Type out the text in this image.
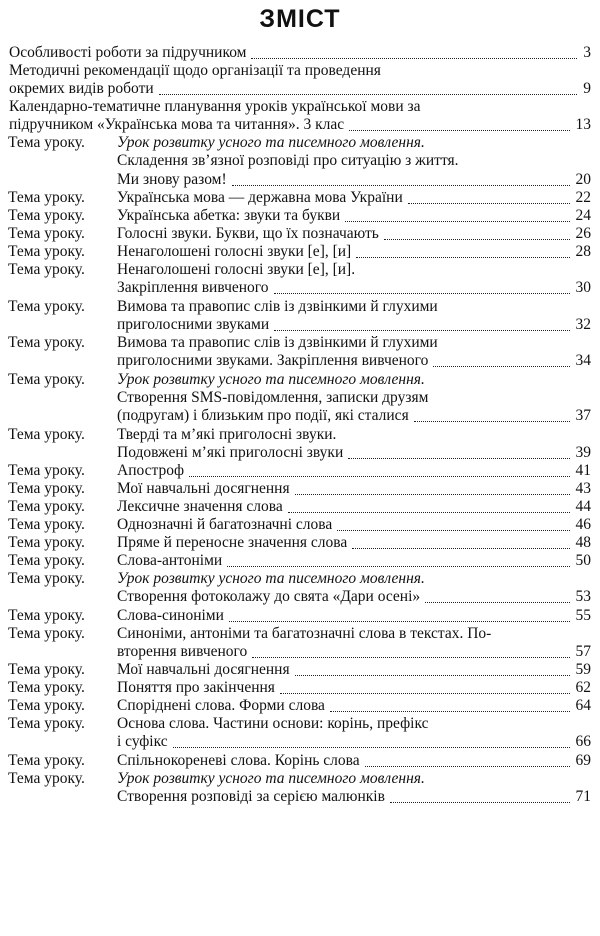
ЗМІСТ
Особливості роботи за підручником	3
Методичні рекомендації щодо організації та проведення
окремих видів роботи	9
Календарно-тематичне планування уроків української мови за
підручником «Українська мова та читання». 3 клас	13
Тема уроку. Урок розвитку усного та писемного мовлення.
Складення зв’язної розповіді про ситуацію з життя.
Ми знову разом!	20
Тема уроку. Українська мова — державна мова України	22
Тема уроку. Українська абетка: звуки та букви	24
Тема уроку. Голосні звуки. Букви, що їх позначають	26
Тема уроку. Ненаголошені голосні звуки [е], [и]	28
Тема уроку. Ненаголошені голосні звуки [е], [и].
Закріплення вивченого	30
Тема уроку. Вимова та правопис слів із дзвінкими й глухими
приголосними звуками	32
Тема уроку. Вимова та правопис слів із дзвінкими й глухими
приголосними звуками. Закріплення вивченого	34
Тема уроку. Урок розвитку усного та писемного мовлення.
Створення SMS-повідомлення, записки друзям
(подругам) і близьким про події, які сталися	37
Тема уроку. Тверді та м’які приголосні звуки.
Подовжені м’які приголосні звуки	39
Тема уроку. Апостроф	41
Тема уроку. Мої навчальні досягнення	43
Тема уроку. Лексичне значення слова	44
Тема уроку. Однозначні й багатозначні слова	46
Тема уроку. Пряме й переносне значення слова	48
Тема уроку. Слова-антоніми	50
Тема уроку. Урок розвитку усного та писемного мовлення.
Створення фотоколажу до свята «Дари осені»	53
Тема уроку. Слова-синоніми	55
Тема уроку. Синоніми, антоніми та багатозначні слова в текстах. По-
вторення вивченого	57
Тема уроку. Мої навчальні досягнення	59
Тема уроку. Поняття про закінчення	62
Тема уроку. Споріднені слова. Форми слова	64
Тема уроку. Основа слова. Частини основи: корінь, префікс
і суфікс	66
Тема уроку. Спільнокореневі слова. Корінь слова	69
Тема уроку. Урок розвитку усного та писемного мовлення.
Створення розповіді за серією малюнків	71
